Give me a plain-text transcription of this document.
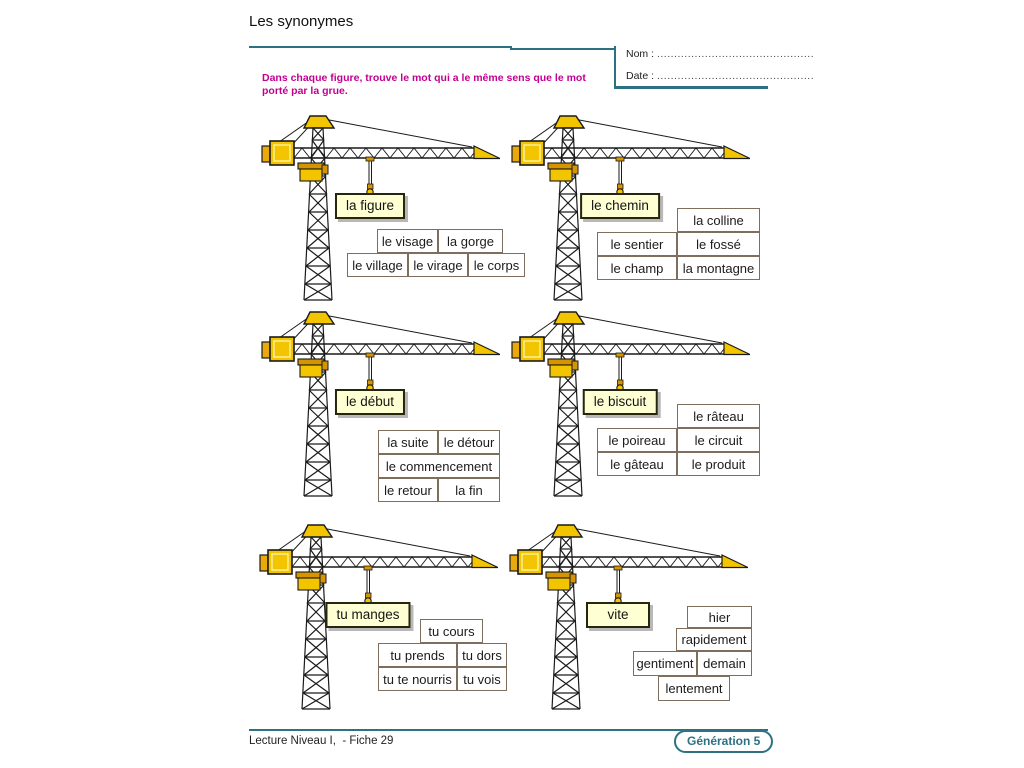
Les synonymes
Nom : ..............................................
Date : ..............................................
Dans chaque figure, trouve le mot qui a le même sens que le mot porté par la grue.
la figure	le chemin
le début	le biscuit
tu manges	vite
le visage	la gorge
le village le virage le corps
la colline
le sentier	le fossé
le champ	la montagne
la suite	le détour
le commencement
le retour	la fin
le râteau
le poireau	le circuit
le gâteau	le produit
tu cours
tu prends	tu dors
tu te nourris tu vois
hier
rapidement
gentiment demain
lentement
Lecture Niveau I,  - Fiche 29	Génération 5
